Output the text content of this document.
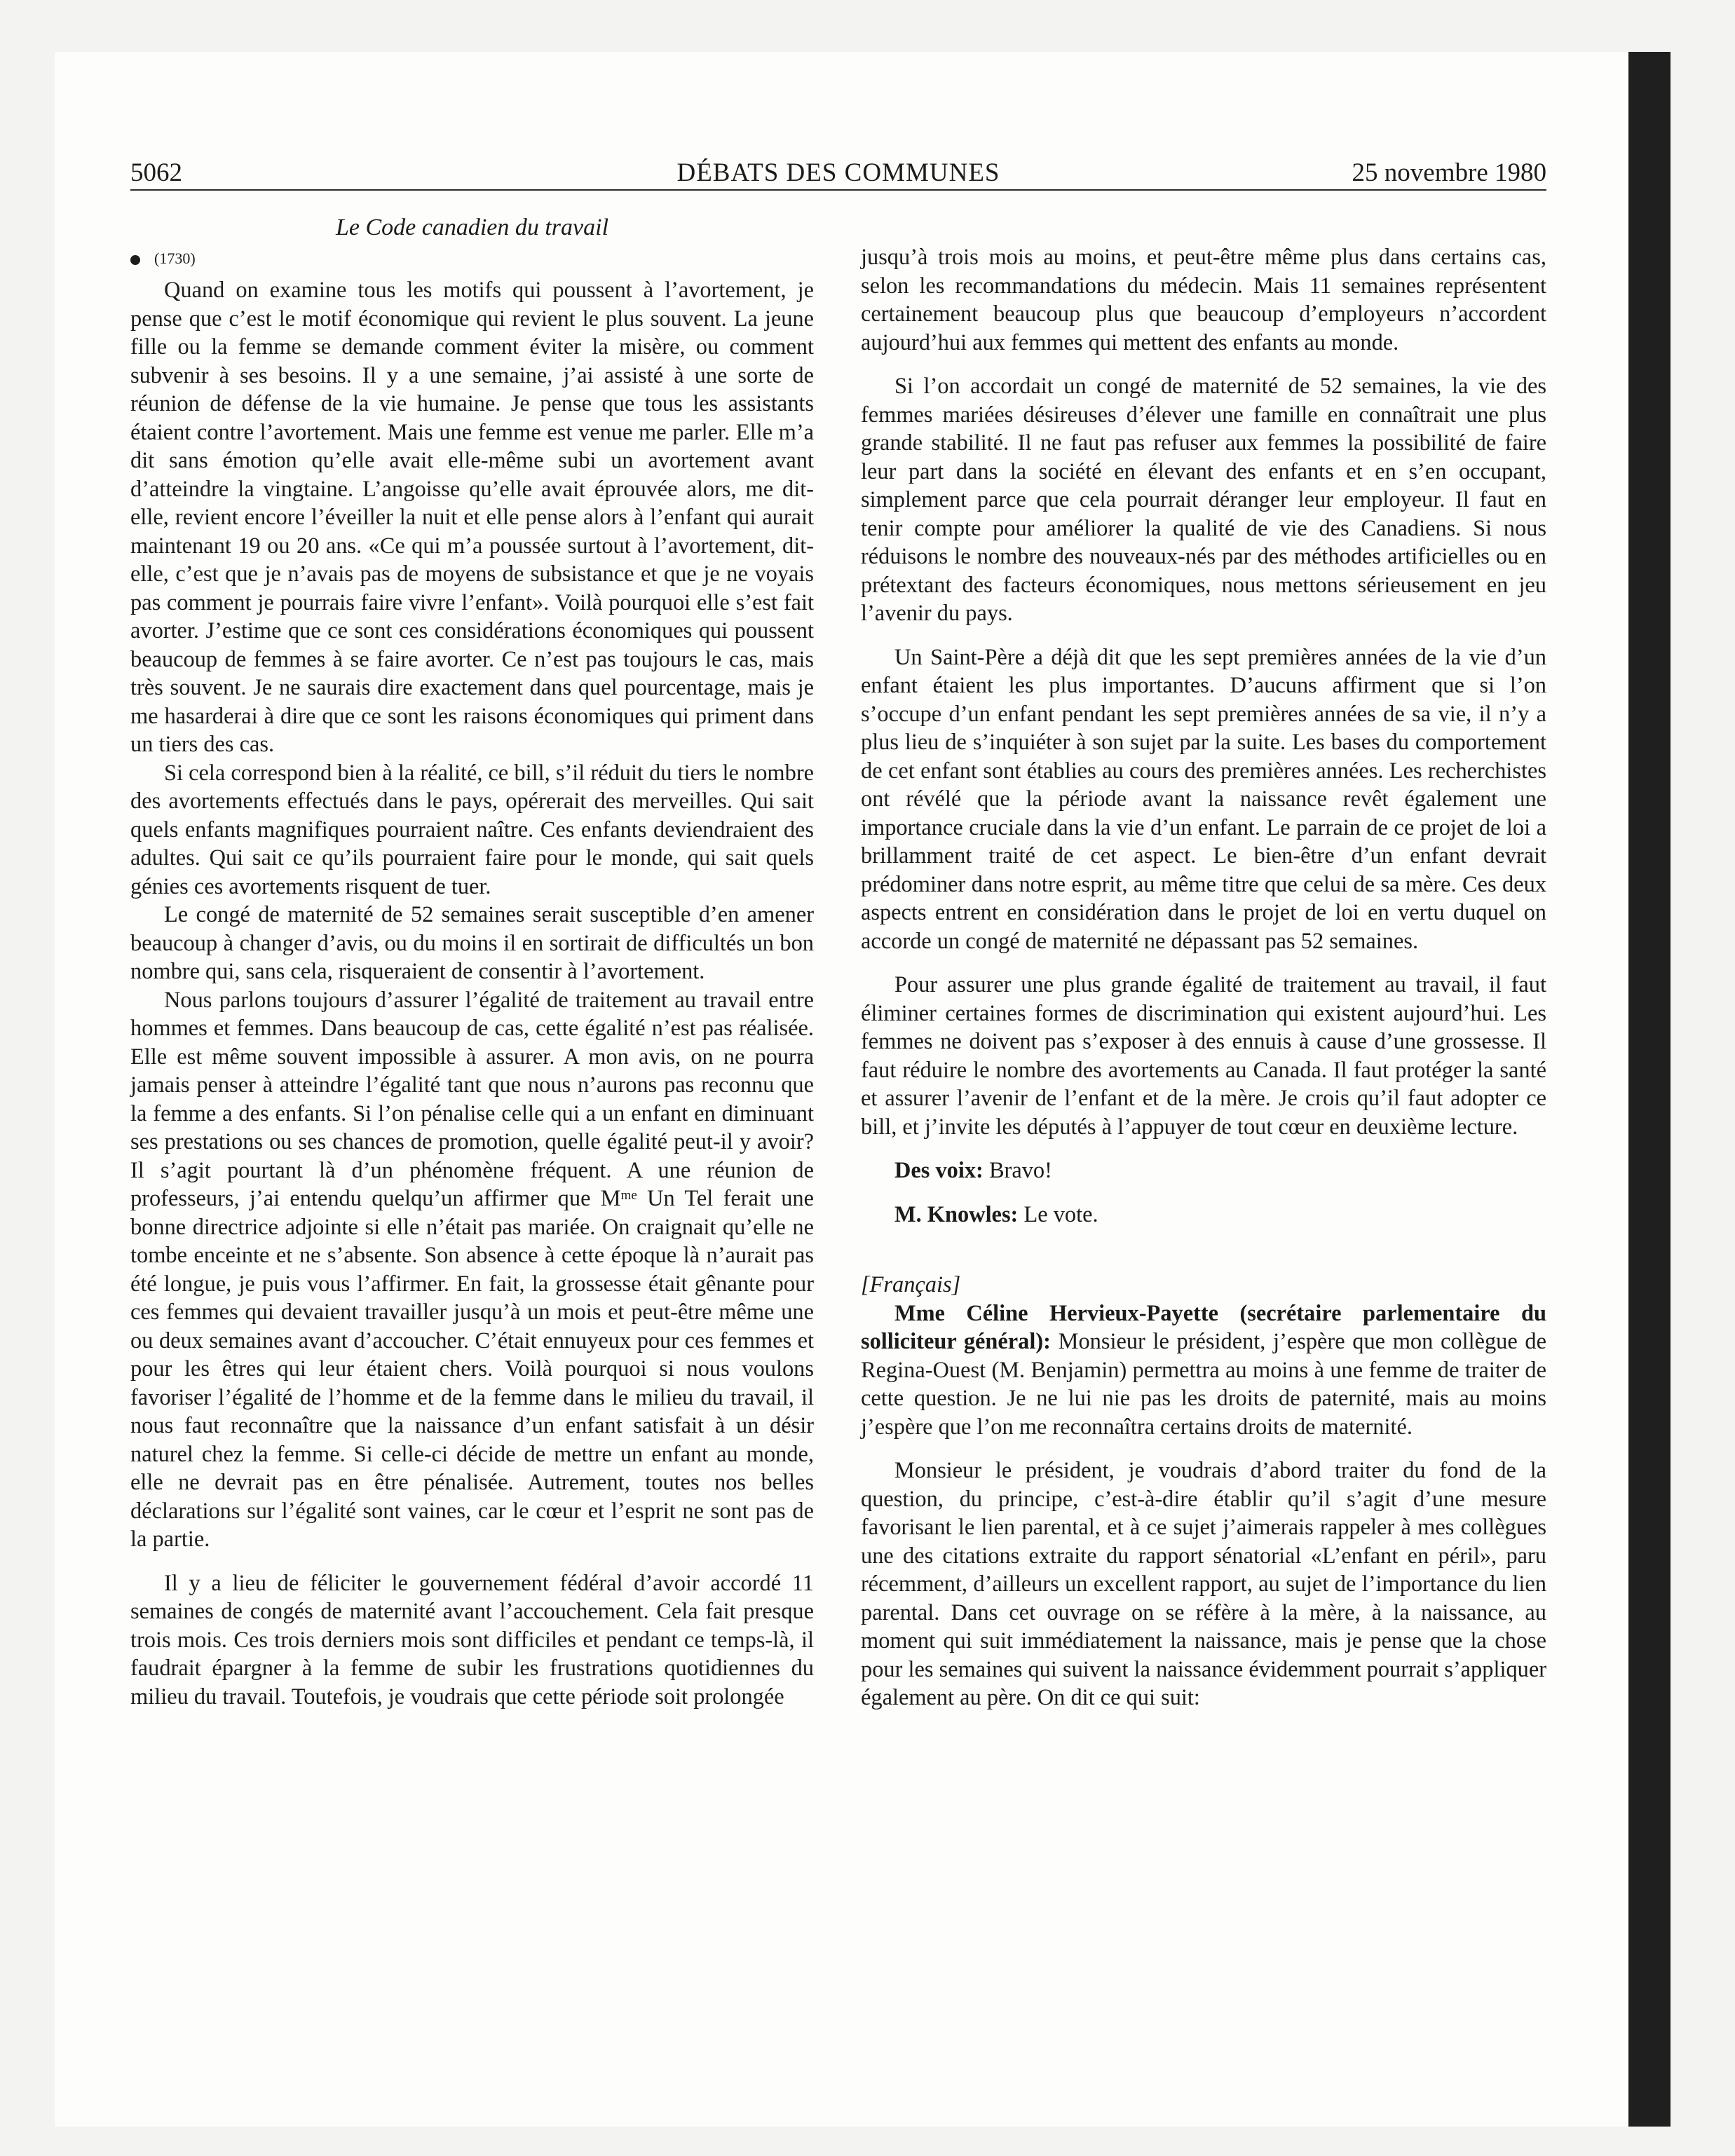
5062	DÉBATS DES COMMUNES	25 novembre 1980
Le Code canadien du travail
(1730)

Quand on examine tous les motifs qui poussent à l’avortement, je pense que c’est le motif économique qui revient le plus souvent. La jeune fille ou la femme se demande comment éviter la misère, ou comment subvenir à ses besoins. Il y a une semaine, j’ai assisté à une sorte de réunion de défense de la vie humaine. Je pense que tous les assistants étaient contre l’avortement. Mais une femme est venue me parler. Elle m’a dit sans émotion qu’elle avait elle-même subi un avortement avant d’atteindre la vingtaine. L’angoisse qu’elle avait éprouvée alors, me dit-elle, revient encore l’éveiller la nuit et elle pense alors à l’enfant qui aurait maintenant 19 ou 20 ans. «Ce qui m’a poussée surtout à l’avortement, dit-elle, c’est que je n’avais pas de moyens de subsistance et que je ne voyais pas comment je pourrais faire vivre l’enfant». Voilà pourquoi elle s’est fait avorter. J’estime que ce sont ces considérations économiques qui poussent beaucoup de femmes à se faire avorter. Ce n’est pas toujours le cas, mais très souvent. Je ne saurais dire exactement dans quel pourcentage, mais je me hasarderai à dire que ce sont les raisons économiques qui priment dans un tiers des cas.

Si cela correspond bien à la réalité, ce bill, s’il réduit du tiers le nombre des avortements effectués dans le pays, opérerait des merveilles. Qui sait quels enfants magnifiques pourraient naître. Ces enfants deviendraient des adultes. Qui sait ce qu’ils pourraient faire pour le monde, qui sait quels génies ces avortements risquent de tuer.

Le congé de maternité de 52 semaines serait susceptible d’en amener beaucoup à changer d’avis, ou du moins il en sortirait de difficultés un bon nombre qui, sans cela, risqueraient de consentir à l’avortement.

Nous parlons toujours d’assurer l’égalité de traitement au travail entre hommes et femmes. Dans beaucoup de cas, cette égalité n’est pas réalisée. Elle est même souvent impossible à assurer. A mon avis, on ne pourra jamais penser à atteindre l’égalité tant que nous n’aurons pas reconnu que la femme a des enfants. Si l’on pénalise celle qui a un enfant en diminuant ses prestations ou ses chances de promotion, quelle égalité peut-il y avoir? Il s’agit pourtant là d’un phénomène fréquent. A une réunion de professeurs, j’ai entendu quelqu’un affirmer que $M^{me}$ Un Tel ferait une bonne directrice adjointe si elle n’était pas mariée. On craignait qu’elle ne tombe enceinte et ne s’absente. Son absence à cette époque là n’aurait pas été longue, je puis vous l’affirmer. En fait, la grossesse était gênante pour ces femmes qui devaient travailler jusqu’à un mois et peut-être même une ou deux semaines avant d’accoucher. C’était ennuyeux pour ces femmes et pour les êtres qui leur étaient chers. Voilà pourquoi si nous voulons favoriser l’égalité de l’homme et de la femme dans le milieu du travail, il nous faut reconnaître que la naissance d’un enfant satisfait à un désir naturel chez la femme. Si celle-ci décide de mettre un enfant au monde, elle ne devrait pas en être pénalisée. Autrement, toutes nos belles déclarations sur l’égalité sont vaines, car le cœur et l’esprit ne sont pas de la partie.

Il y a lieu de féliciter le gouvernement fédéral d’avoir accordé 11 semaines de congés de maternité avant l’accouchement. Cela fait presque trois mois. Ces trois derniers mois sont difficiles et pendant ce temps-là, il faudrait épargner à la femme de subir les frustrations quotidiennes du milieu du travail. Toutefois, je voudrais que cette période soit prolongée

jusqu’à trois mois au moins, et peut-être même plus dans certains cas, selon les recommandations du médecin. Mais 11 semaines représentent certainement beaucoup plus que beaucoup d’employeurs n’accordent aujourd’hui aux femmes qui mettent des enfants au monde.

Si l’on accordait un congé de maternité de 52 semaines, la vie des femmes mariées désireuses d’élever une famille en connaîtrait une plus grande stabilité. Il ne faut pas refuser aux femmes la possibilité de faire leur part dans la société en élevant des enfants et en s’en occupant, simplement parce que cela pourrait déranger leur employeur. Il faut en tenir compte pour améliorer la qualité de vie des Canadiens. Si nous réduisons le nombre des nouveaux-nés par des méthodes artificielles ou en prétextant des facteurs économiques, nous mettons sérieusement en jeu l’avenir du pays.

Un Saint-Père a déjà dit que les sept premières années de la vie d’un enfant étaient les plus importantes. D’aucuns affirment que si l’on s’occupe d’un enfant pendant les sept premières années de sa vie, il n’y a plus lieu de s’inquiéter à son sujet par la suite. Les bases du comportement de cet enfant sont établies au cours des premières années. Les recherchistes ont révélé que la période avant la naissance revêt également une importance cruciale dans la vie d’un enfant. Le parrain de ce projet de loi a brillamment traité de cet aspect. Le bien-être d’un enfant devrait prédominer dans notre esprit, au même titre que celui de sa mère. Ces deux aspects entrent en considération dans le projet de loi en vertu duquel on accorde un congé de maternité ne dépassant pas 52 semaines.

Pour assurer une plus grande égalité de traitement au travail, il faut éliminer certaines formes de discrimination qui existent aujourd’hui. Les femmes ne doivent pas s’exposer à des ennuis à cause d’une grossesse. Il faut réduire le nombre des avortements au Canada. Il faut protéger la santé et assurer l’avenir de l’enfant et de la mère. Je crois qu’il faut adopter ce bill, et j’invite les députés à l’appuyer de tout cœur en deuxième lecture.

Des voix: Bravo!

M. Knowles: Le vote.

[Français]

Mme Céline Hervieux-Payette (secrétaire parlementaire du solliciteur général): Monsieur le président, j’espère que mon collègue de Regina-Ouest (M. Benjamin) permettra au moins à une femme de traiter de cette question. Je ne lui nie pas les droits de paternité, mais au moins j’espère que l’on me reconnaîtra certains droits de maternité.

Monsieur le président, je voudrais d’abord traiter du fond de la question, du principe, c’est-à-dire établir qu’il s’agit d’une mesure favorisant le lien parental, et à ce sujet j’aimerais rappeler à mes collègues une des citations extraite du rapport sénatorial «L’enfant en péril», paru récemment, d’ailleurs un excellent rapport, au sujet de l’importance du lien parental. Dans cet ouvrage on se réfère à la mère, à la naissance, au moment qui suit immédiatement la naissance, mais je pense que la chose pour les semaines qui suivent la naissance évidemment pourrait s’appliquer également au père. On dit ce qui suit:
